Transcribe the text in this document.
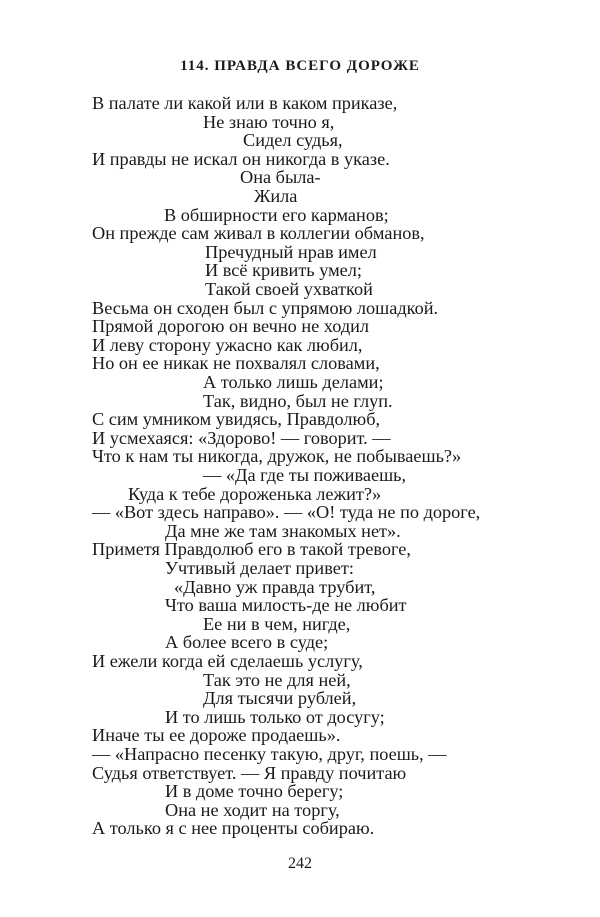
114. ПРАВДА ВСЕГО ДОРОЖЕ
В палате ли какой или в каком приказе,
Не знаю точно я,
Сидел судья,
И правды не искал он никогда в указе.
Она была-
Жила
В обширности его карманов;
Он прежде сам живал в коллегии обманов,
Пречудный нрав имел
И всё кривить умел;
Такой своей ухваткой
Весьма он сходен был с упрямою лошадкой.
Прямой дорогою он вечно не ходил
И леву сторону ужасно как любил,
Но он ее никак не похвалял словами,
А только лишь делами;
Так, видно, был не глуп.
С сим умником увидясь, Правдолюб,
И усмехаяся: «Здорово! — говорит. —
Что к нам ты никогда, дружок, не побываешь?»
— «Да где ты поживаешь,
Куда к тебе дороженька лежит?»
— «Вот здесь направо». — «О! туда не по дороге,
Да мне же там знакомых нет».
Приметя Правдолюб его в такой тревоге,
Учтивый делает привет:
«Давно уж правда трубит,
Что ваша милость-де не любит
Ее ни в чем, нигде,
А более всего в суде;
И ежели когда ей сделаешь услугу,
Так это не для ней,
Для тысячи рублей,
И то лишь только от досугу;
Иначе ты ее дороже продаешь».
— «Напрасно песенку такую, друг, поешь, —
Судья ответствует. — Я правду почитаю
И в доме точно берегу;
Она не ходит на торгу,
А только я с нее проценты собираю.
242
